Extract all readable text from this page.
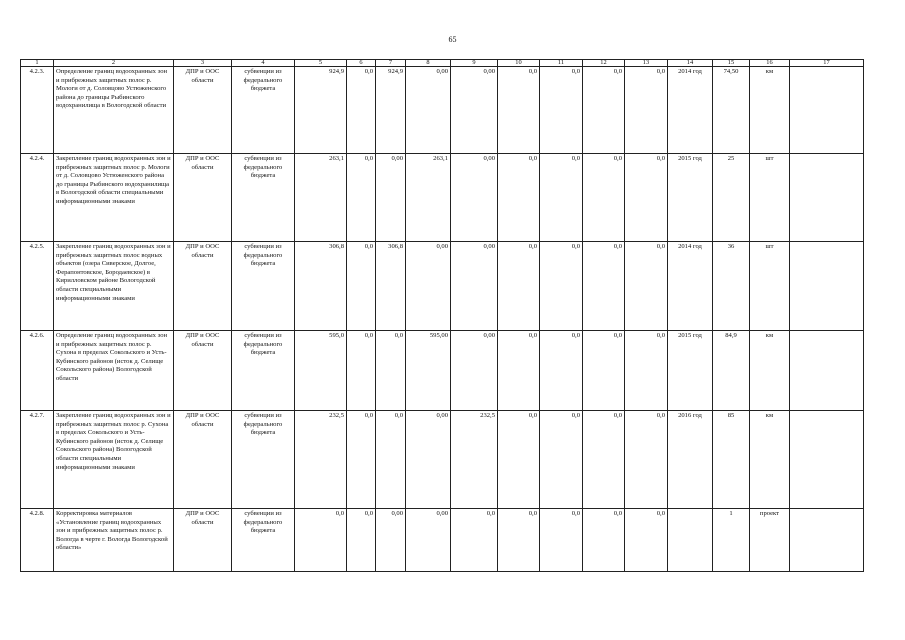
65
1	2	3	4	5	6	7	8	9	10	11	12	13	14	15	16	17
4.2.3.	Определение границ водоохранных зон и прибрежных защитных полос р. Мологи от д. Соловцово Устюженского района до границы Рыбинского водохранилища в Вологодской области	ДПР и ООС области	субвенции из федерального бюджета	924,9	0,0	924,9	0,00	0,00	0,0	0,0	0,0	0,0	2014 год	74,50	км	
4.2.4.	Закрепление границ водоохранных зон и прибрежных защитных полос р. Мологи от д. Соловцово Устюженского района до границы Рыбинского водохранилища в Вологодской области специальными информационными знаками	ДПР и ООС области	субвенции из федерального бюджета	263,1	0,0	0,00	263,1	0,00	0,0	0,0	0,0	0,0	2015 год	25	шт	
4.2.5.	Закрепление границ водоохранных зон и прибрежных защитных полос водных объектов (озера Сиверское, Долгое, Ферапонтовское, Бородаевское) в Кирилловском районе Вологодской области специальными информационными знаками	ДПР и ООС области	субвенции из федерального бюджета	306,8	0,0	306,8	0,00	0,00	0,0	0,0	0,0	0,0	2014 год	36	шт	
4.2.6.	Определение границ водоохранных зон и прибрежных защитных полос р. Сухона в пределах Сокольского и Усть-Кубинского районов (исток д. Селище Сокольского района) Вологодской области	ДПР и ООС области	субвенции из федерального бюджета	595,0	0,0	0,0	595,00	0,00	0,0	0,0	0,0	0,0	2015 год	84,9	км	
4.2.7.	Закрепление границ водоохранных зон и прибрежных защитных полос р. Сухона в пределах Сокольского и Усть-Кубинского районов (исток д. Селище Сокольского района) Вологодской области специальными информационными знаками	ДПР и ООС области	субвенции из федерального бюджета	232,5	0,0	0,0	0,00	232,5	0,0	0,0	0,0	0,0	2016 год	85	км	
4.2.8.	Корректировка материалов «Установление границ водоохранных зон и прибрежных защитных полос р. Вологда в черте г. Вологда Вологодской области»	ДПР и ООС области	субвенции из федерального бюджета	0,0	0,0	0,00	0,00	0,0	0,0	0,0	0,0	0,0		1	проект	
